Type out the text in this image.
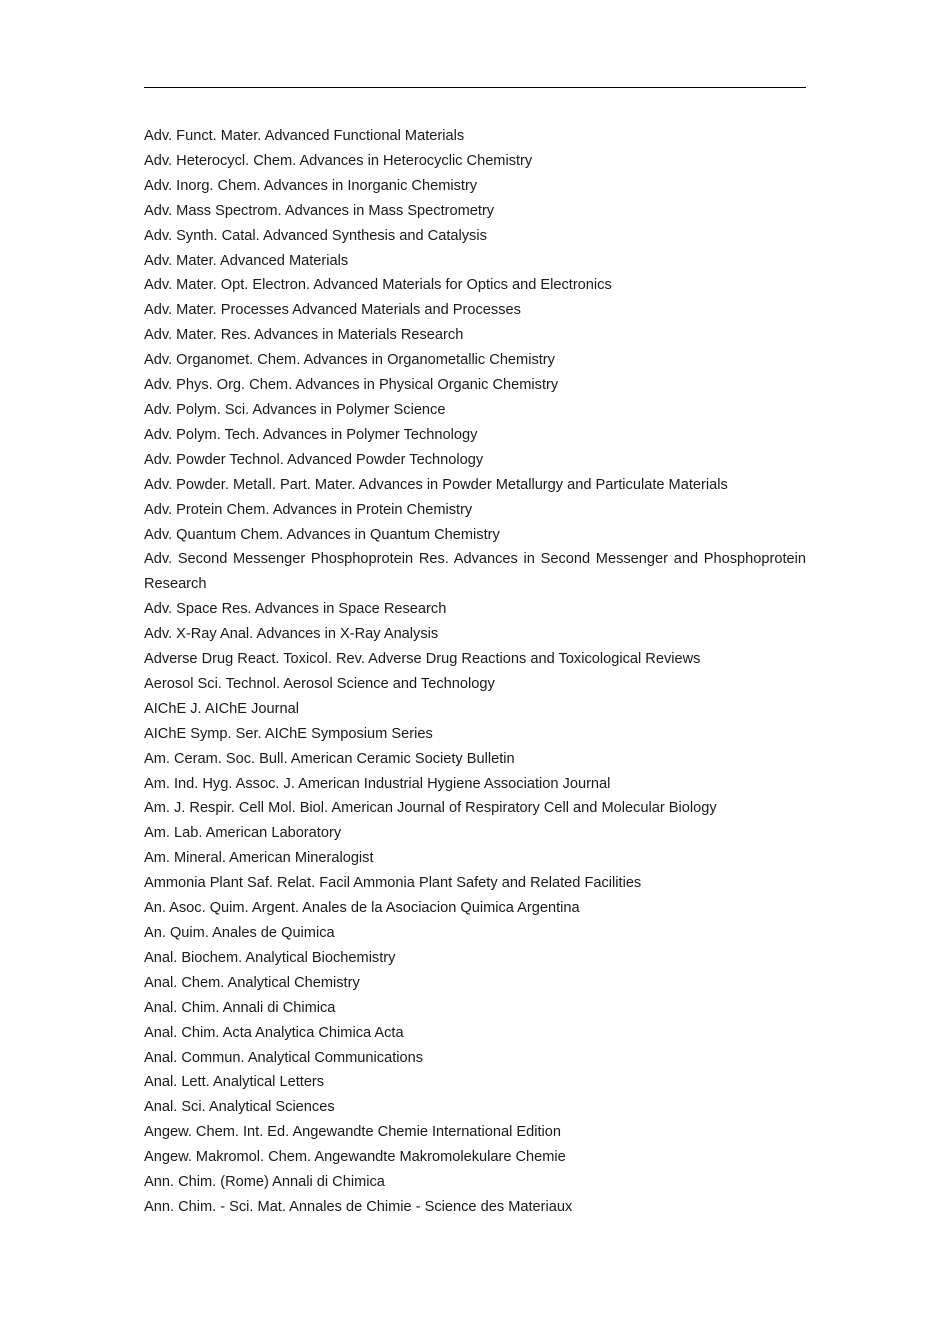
Adv. Funct. Mater. Advanced Functional Materials
Adv. Heterocycl. Chem. Advances in Heterocyclic Chemistry
Adv. Inorg. Chem. Advances in Inorganic Chemistry
Adv. Mass Spectrom. Advances in Mass Spectrometry
Adv. Synth. Catal. Advanced Synthesis and Catalysis
Adv. Mater. Advanced Materials
Adv. Mater. Opt. Electron. Advanced Materials for Optics and Electronics
Adv. Mater. Processes Advanced Materials and Processes
Adv. Mater. Res. Advances in Materials Research
Adv. Organomet. Chem. Advances in Organometallic Chemistry
Adv. Phys. Org. Chem. Advances in Physical Organic Chemistry
Adv. Polym. Sci. Advances in Polymer Science
Adv. Polym. Tech. Advances in Polymer Technology
Adv. Powder Technol. Advanced Powder Technology
Adv. Powder. Metall. Part. Mater. Advances in Powder Metallurgy and Particulate Materials
Adv. Protein Chem. Advances in Protein Chemistry
Adv. Quantum Chem. Advances in Quantum Chemistry
Adv. Second Messenger Phosphoprotein Res. Advances in Second Messenger and Phosphoprotein Research
Adv. Space Res. Advances in Space Research
Adv. X-Ray Anal. Advances in X-Ray Analysis
Adverse Drug React. Toxicol. Rev. Adverse Drug Reactions and Toxicological Reviews
Aerosol Sci. Technol. Aerosol Science and Technology
AIChE J. AIChE Journal
AIChE Symp. Ser. AIChE Symposium Series
Am. Ceram. Soc. Bull. American Ceramic Society Bulletin
Am. Ind. Hyg. Assoc. J. American Industrial Hygiene Association Journal
Am. J. Respir. Cell Mol. Biol. American Journal of Respiratory Cell and Molecular Biology
Am. Lab. American Laboratory
Am. Mineral. American Mineralogist
Ammonia Plant Saf. Relat. Facil Ammonia Plant Safety and Related Facilities
An. Asoc. Quim. Argent. Anales de la Asociacion Quimica Argentina
An. Quim. Anales de Quimica
Anal. Biochem. Analytical Biochemistry
Anal. Chem. Analytical Chemistry
Anal. Chim. Annali di Chimica
Anal. Chim. Acta Analytica Chimica Acta
Anal. Commun. Analytical Communications
Anal. Lett. Analytical Letters
Anal. Sci. Analytical Sciences
Angew. Chem. Int. Ed. Angewandte Chemie International Edition
Angew. Makromol. Chem. Angewandte Makromolekulare Chemie
Ann. Chim. (Rome) Annali di Chimica
Ann. Chim. - Sci. Mat. Annales de Chimie - Science des Materiaux
